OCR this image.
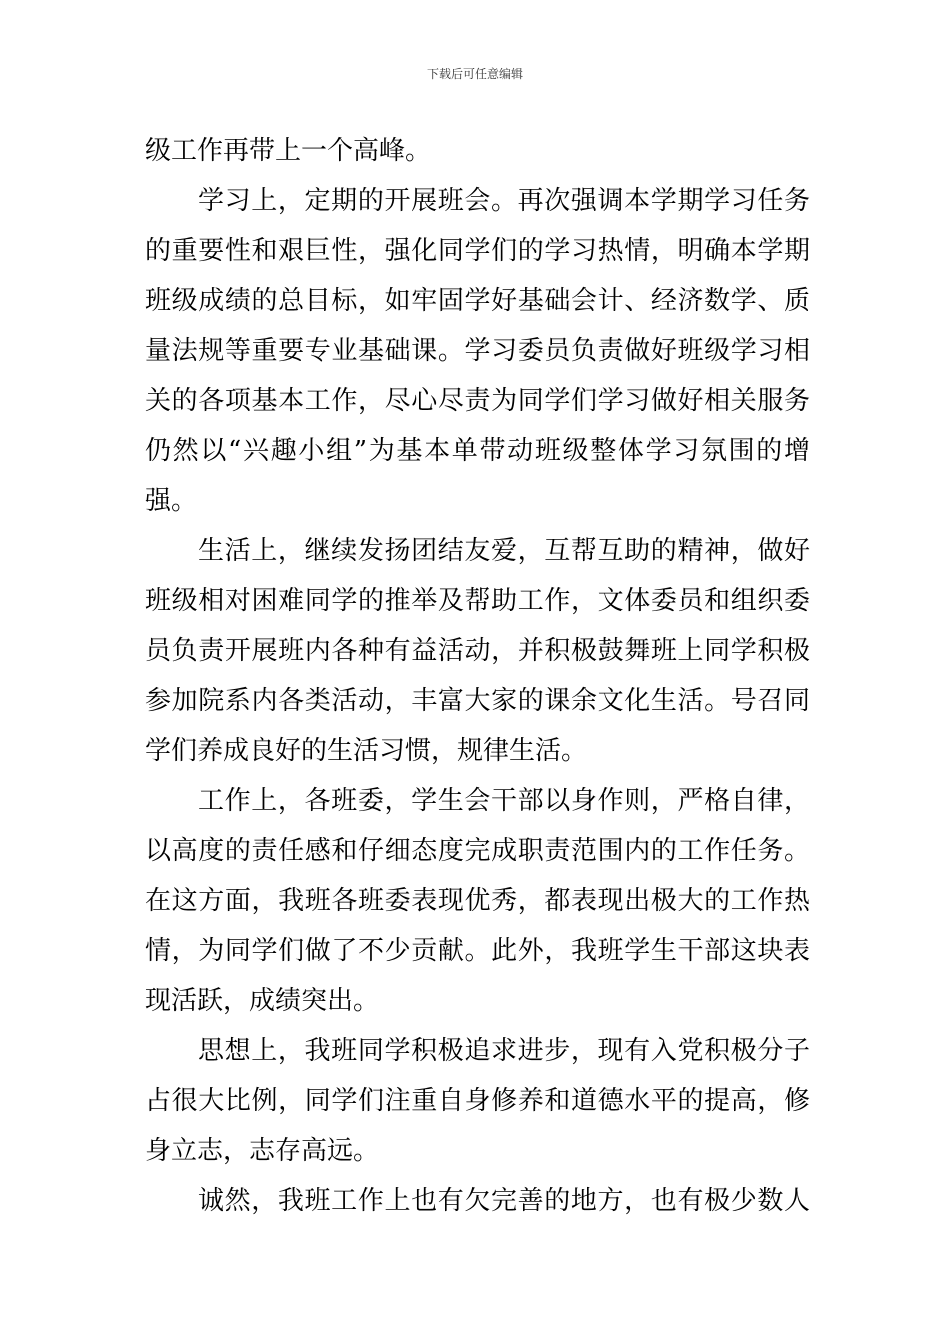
下载后可任意编辑
级工作再带上一个高峰。
学习上，定期的开展班会。再次强调本学期学习任务
的重要性和艰巨性，强化同学们的学习热情，明确本学期
班级成绩的总目标，如牢固学好基础会计、经济数学、质
量法规等重要专业基础课。学习委员负责做好班级学习相
关的各项基本工作，尽心尽责为同学们学习做好相关服务
仍然以“兴趣小组”为基本单带动班级整体学习氛围的增
强。
生活上，继续发扬团结友爱，互帮互助的精神，做好
班级相对困难同学的推举及帮助工作，文体委员和组织委
员负责开展班内各种有益活动，并积极鼓舞班上同学积极
参加院系内各类活动，丰富大家的课余文化生活。号召同
学们养成良好的生活习惯，规律生活。
工作上，各班委，学生会干部以身作则，严格自律，
以高度的责任感和仔细态度完成职责范围内的工作任务。
在这方面，我班各班委表现优秀，都表现出极大的工作热
情，为同学们做了不少贡献。此外，我班学生干部这块表
现活跃，成绩突出。
思想上，我班同学积极追求进步，现有入党积极分子
占很大比例，同学们注重自身修养和道德水平的提高，修
身立志，志存高远。
诚然，我班工作上也有欠完善的地方，也有极少数人
